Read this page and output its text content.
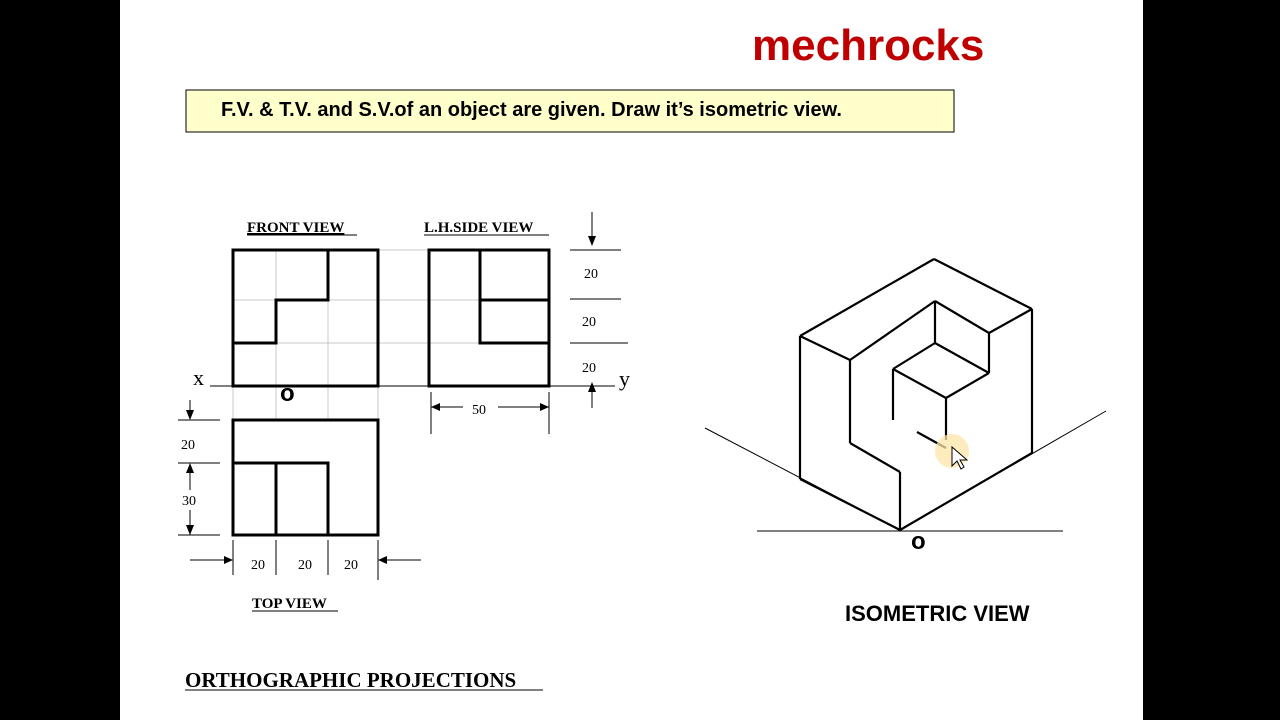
mechrocks
F.V. & T.V. and S.V.of an object are given. Draw it’s isometric view.
FRONT VIEW	L.H.SIDE VIEW
TOP VIEW
x	y
o
20
20
20
50
20
30
20 20 20
o
ISOMETRIC VIEW
ORTHOGRAPHIC PROJECTIONS
